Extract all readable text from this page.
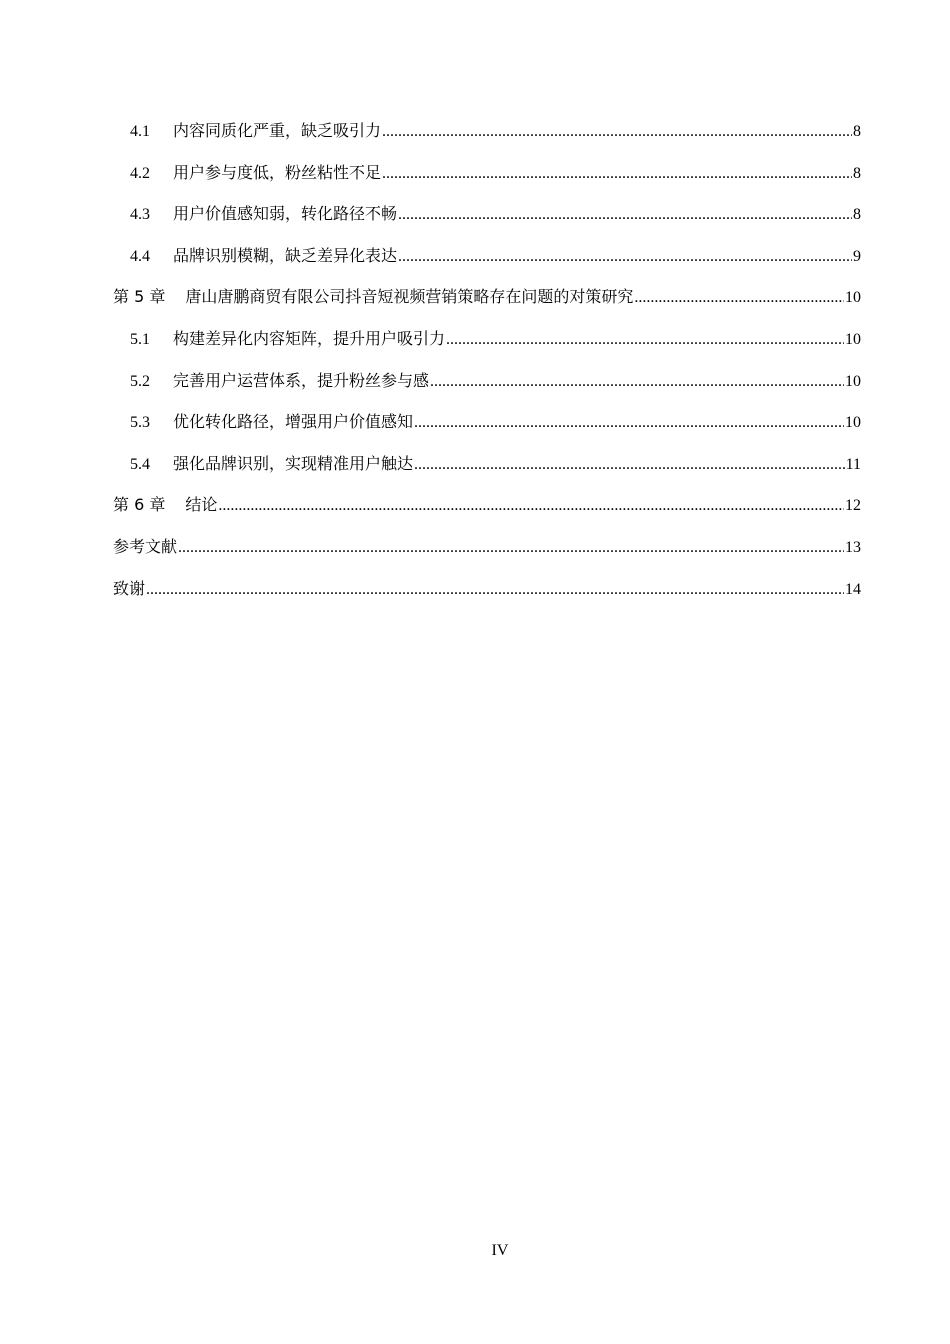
4.1	内容同质化严重，缺乏吸引力 .....	8
4.2	用户参与度低，粉丝粘性不足 .....	8
4.3	用户价值感知弱，转化路径不畅 .....	8
4.4	品牌识别模糊，缺乏差异化表达 .....	9
第 5 章 唐山唐鹏商贸有限公司抖音短视频营销策略存在问题的对策研究 .....	10
5.1	构建差异化内容矩阵，提升用户吸引力 .....	10
5.2	完善用户运营体系，提升粉丝参与感 .....	10
5.3	优化转化路径，增强用户价值感知 .....	10
5.4	强化品牌识别，实现精准用户触达 .....	11
第 6 章 结论 .....	12
参考文献 .....	13
致谢 .....	14
IV
